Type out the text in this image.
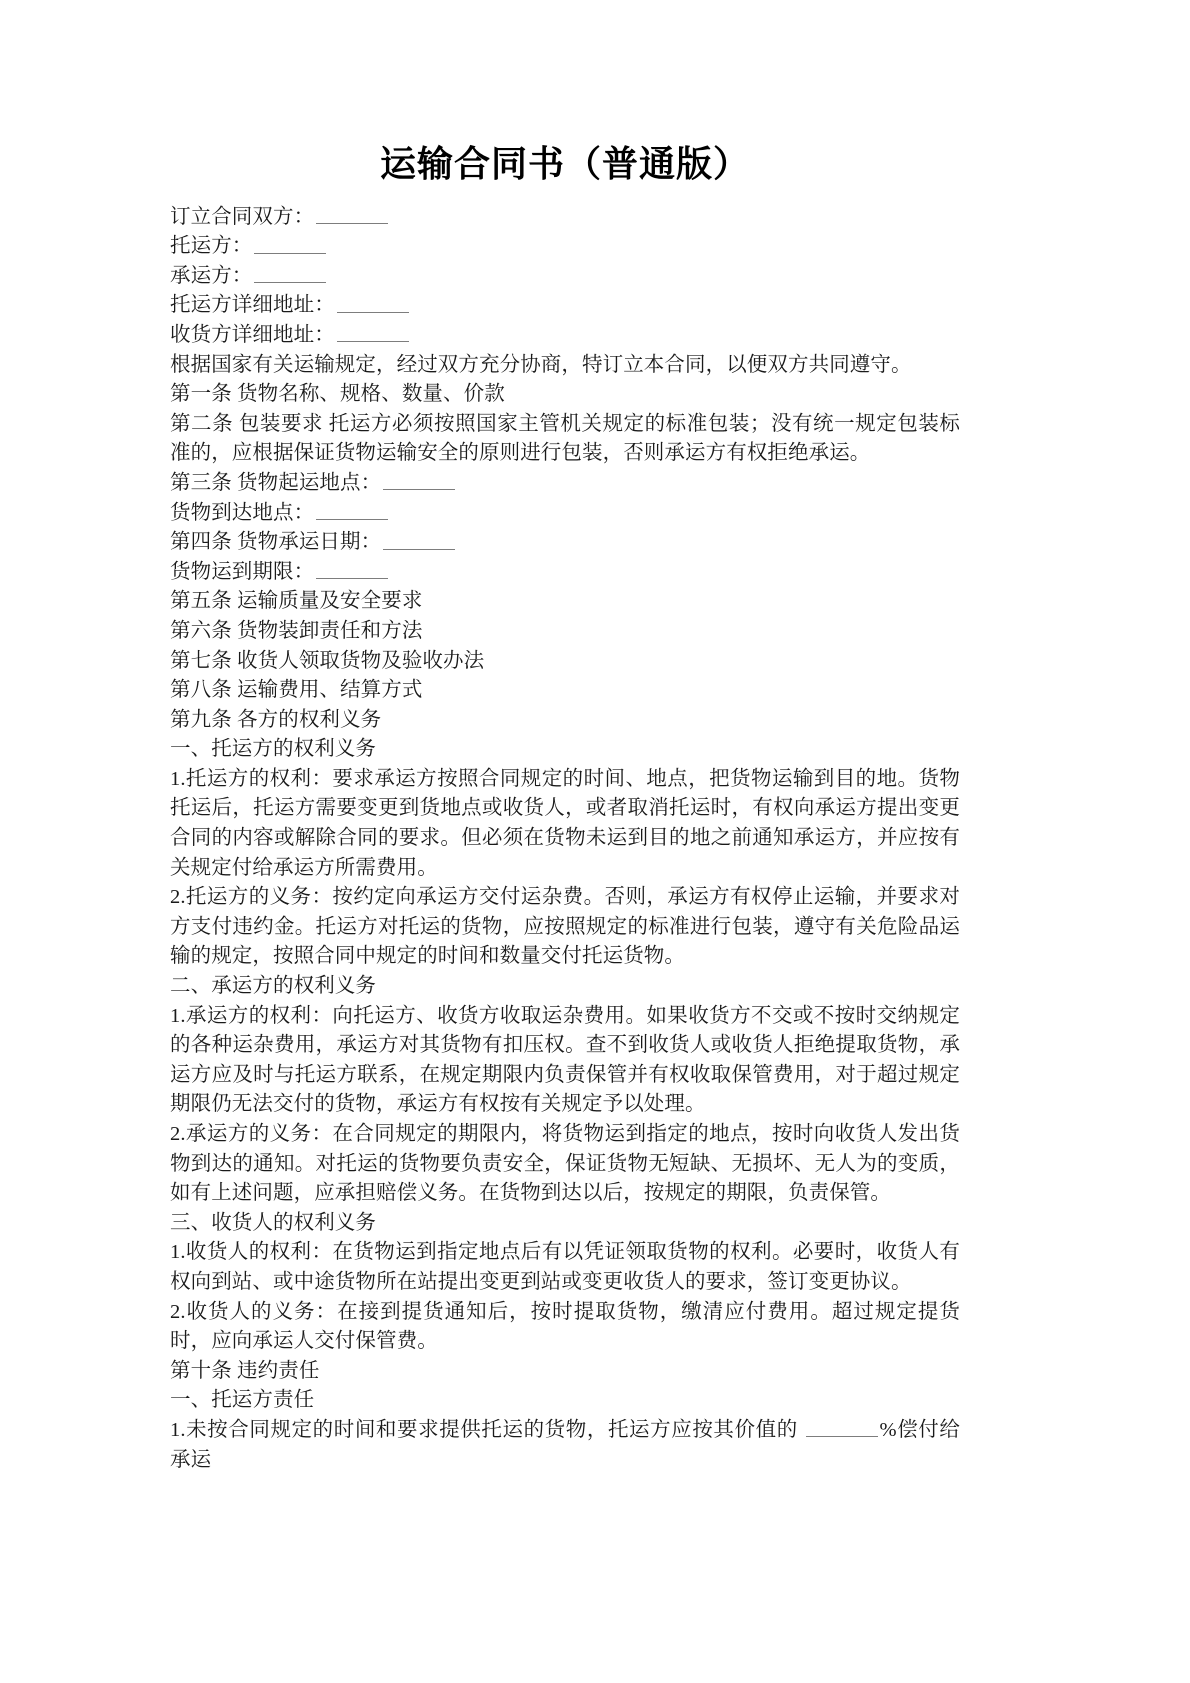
运输合同书（普通版）

订立合同双方：

托运方：

承运方：

托运方详细地址：

收货方详细地址：

根据国家有关运输规定，经过双方充分协商，特订立本合同，以便双方共同遵守。

第一条 货物名称、规格、数量、价款

第二条 包装要求 托运方必须按照国家主管机关规定的标准包装；没有统一规定包装标准的，应根据保证货物运输安全的原则进行包装，否则承运方有权拒绝承运。

第三条 货物起运地点：

货物到达地点：

第四条 货物承运日期：

货物运到期限：

第五条 运输质量及安全要求

第六条 货物装卸责任和方法

第七条 收货人领取货物及验收办法

第八条 运输费用、结算方式

第九条 各方的权利义务

一、托运方的权利义务

1.托运方的权利：要求承运方按照合同规定的时间、地点，把货物运输到目的地。货物托运后，托运方需要变更到货地点或收货人，或者取消托运时，有权向承运方提出变更合同的内容或解除合同的要求。但必须在货物未运到目的地之前通知承运方，并应按有关规定付给承运方所需费用。

2.托运方的义务：按约定向承运方交付运杂费。否则，承运方有权停止运输，并要求对方支付违约金。托运方对托运的货物，应按照规定的标准进行包装，遵守有关危险品运输的规定，按照合同中规定的时间和数量交付托运货物。

二、承运方的权利义务

1.承运方的权利：向托运方、收货方收取运杂费用。如果收货方不交或不按时交纳规定的各种运杂费用，承运方对其货物有扣压权。查不到收货人或收货人拒绝提取货物，承运方应及时与托运方联系，在规定期限内负责保管并有权收取保管费用，对于超过规定期限仍无法交付的货物，承运方有权按有关规定予以处理。

2.承运方的义务：在合同规定的期限内，将货物运到指定的地点，按时向收货人发出货物到达的通知。对托运的货物要负责安全，保证货物无短缺、无损坏、无人为的变质，如有上述问题，应承担赔偿义务。在货物到达以后，按规定的期限，负责保管。

三、收货人的权利义务

1.收货人的权利：在货物运到指定地点后有以凭证领取货物的权利。必要时，收货人有权向到站、或中途货物所在站提出变更到站或变更收货人的要求，签订变更协议。

2.收货人的义务：在接到提货通知后，按时提取货物，缴清应付费用。超过规定提货时，应向承运人交付保管费。

第十条 违约责任

一、托运方责任

1.未按合同规定的时间和要求提供托运的货物，托运方应按其价值的	%偿付给承运
